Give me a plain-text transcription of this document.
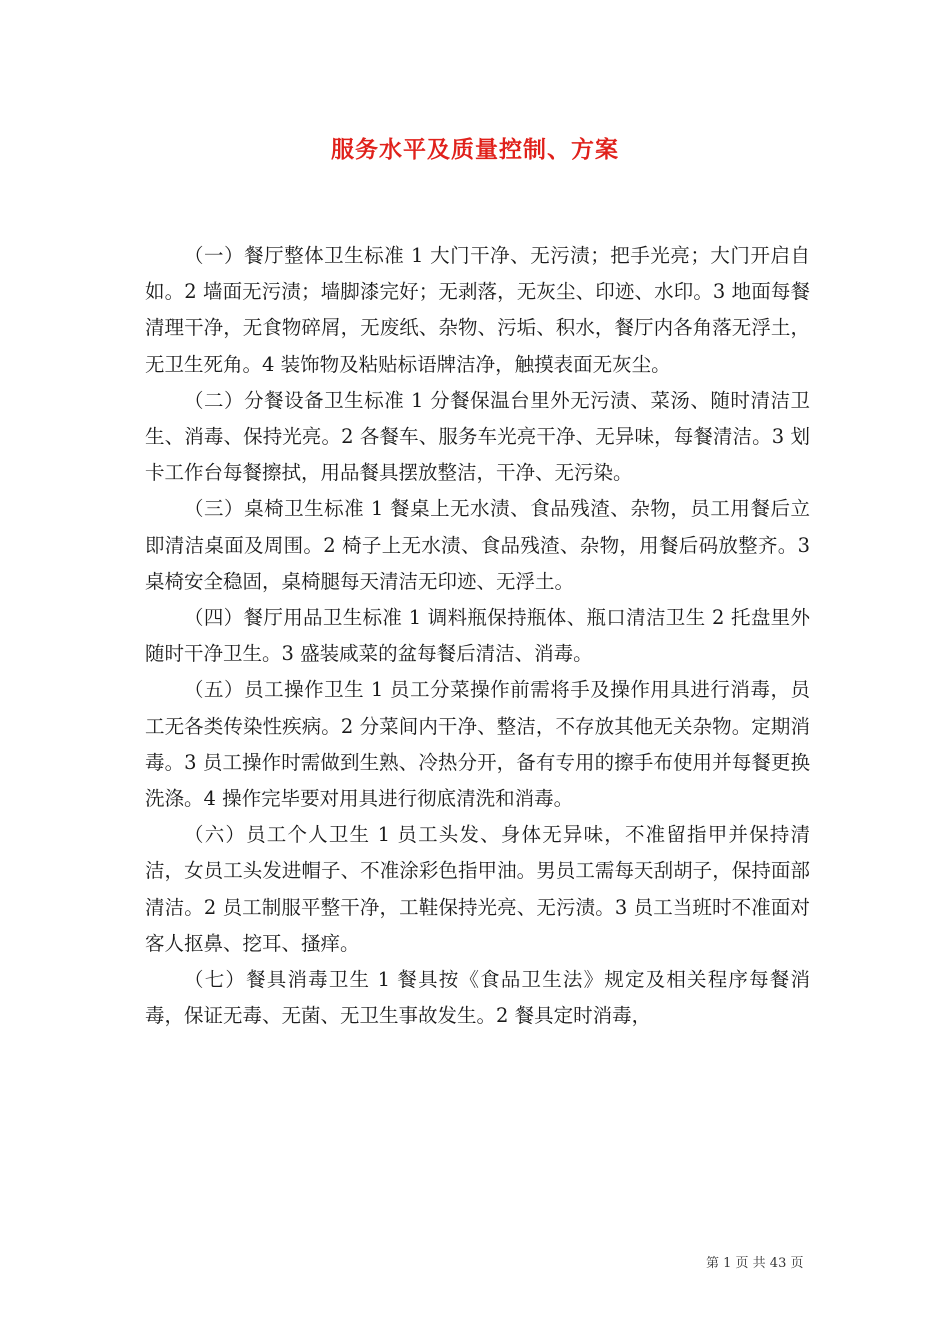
服务水平及质量控制、方案

（一）餐厅整体卫生标准 1 大门干净、无污渍；把手光亮；大门开启自如。2 墙面无污渍；墙脚漆完好；无剥落，无灰尘、印迹、水印。3 地面每餐清理干净，无食物碎屑，无废纸、杂物、污垢、积水，餐厅内各角落无浮土，无卫生死角。4 装饰物及粘贴标语牌洁净，触摸表面无灰尘。

（二）分餐设备卫生标准 1 分餐保温台里外无污渍、菜汤、随时清洁卫生、消毒、保持光亮。2 各餐车、服务车光亮干净、无异味，每餐清洁。3 划卡工作台每餐擦拭，用品餐具摆放整洁，干净、无污染。

（三）桌椅卫生标准 1 餐桌上无水渍、食品残渣、杂物，员工用餐后立即清洁桌面及周围。2 椅子上无水渍、食品残渣、杂物，用餐后码放整齐。3 桌椅安全稳固，桌椅腿每天清洁无印迹、无浮土。

（四）餐厅用品卫生标准 1 调料瓶保持瓶体、瓶口清洁卫生 2 托盘里外随时干净卫生。3 盛装咸菜的盆每餐后清洁、消毒。

（五）员工操作卫生 1 员工分菜操作前需将手及操作用具进行消毒，员工无各类传染性疾病。2 分菜间内干净、整洁，不存放其他无关杂物。定期消毒。3 员工操作时需做到生熟、冷热分开，备有专用的擦手布使用并每餐更换洗涤。4 操作完毕要对用具进行彻底清洗和消毒。

（六）员工个人卫生 1 员工头发、身体无异味，不准留指甲并保持清洁，女员工头发进帽子、不准涂彩色指甲油。男员工需每天刮胡子，保持面部清洁。2 员工制服平整干净，工鞋保持光亮、无污渍。3 员工当班时不准面对客人抠鼻、挖耳、搔痒。

（七）餐具消毒卫生 1 餐具按《食品卫生法》规定及相关程序每餐消毒，保证无毒、无菌、无卫生事故发生。2 餐具定时消毒，

第 1 页 共 43 页
